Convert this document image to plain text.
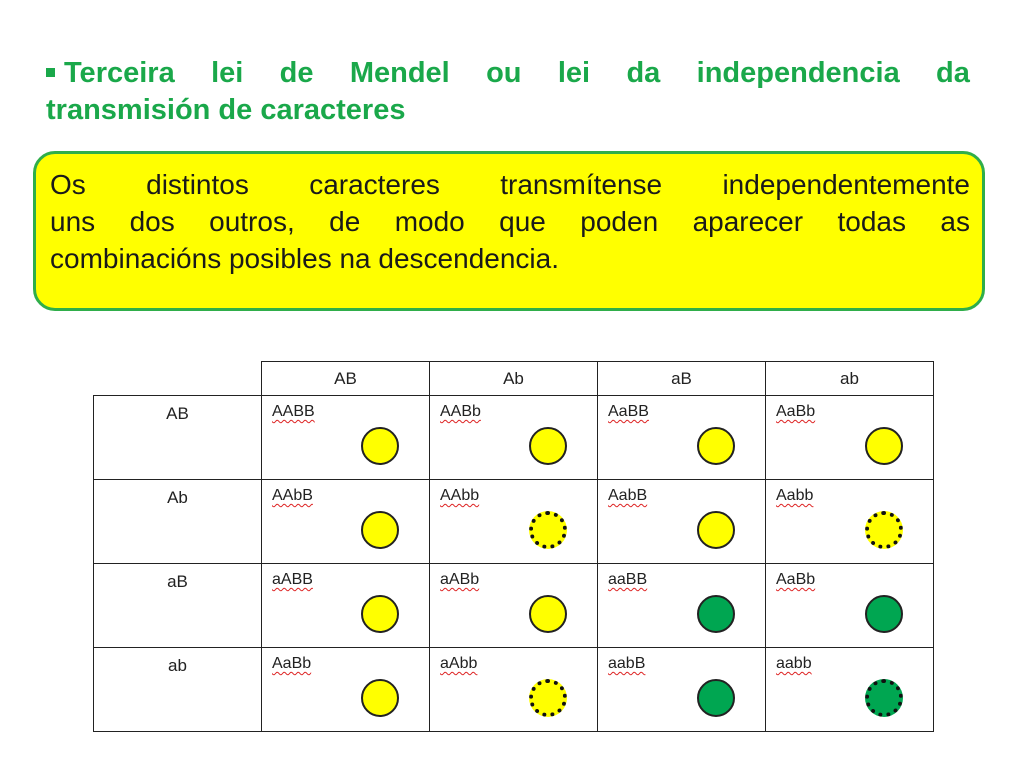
Terceira lei de Mendel ou lei da independencia da
transmisión de caracteres
Os distintos caracteres transmítense independentemente
uns dos outros, de modo que poden aparecer todas as
combinacións posibles na descendencia.
	AB	Ab	aB	ab

AB	AABB	AABb	AaBB	AaBb

Ab	AAbB	AAbb	AabB	Aabb

aB	aABB	aABb	aaBB	AaBb

ab	AaBb	aAbb	aabB	aabb
